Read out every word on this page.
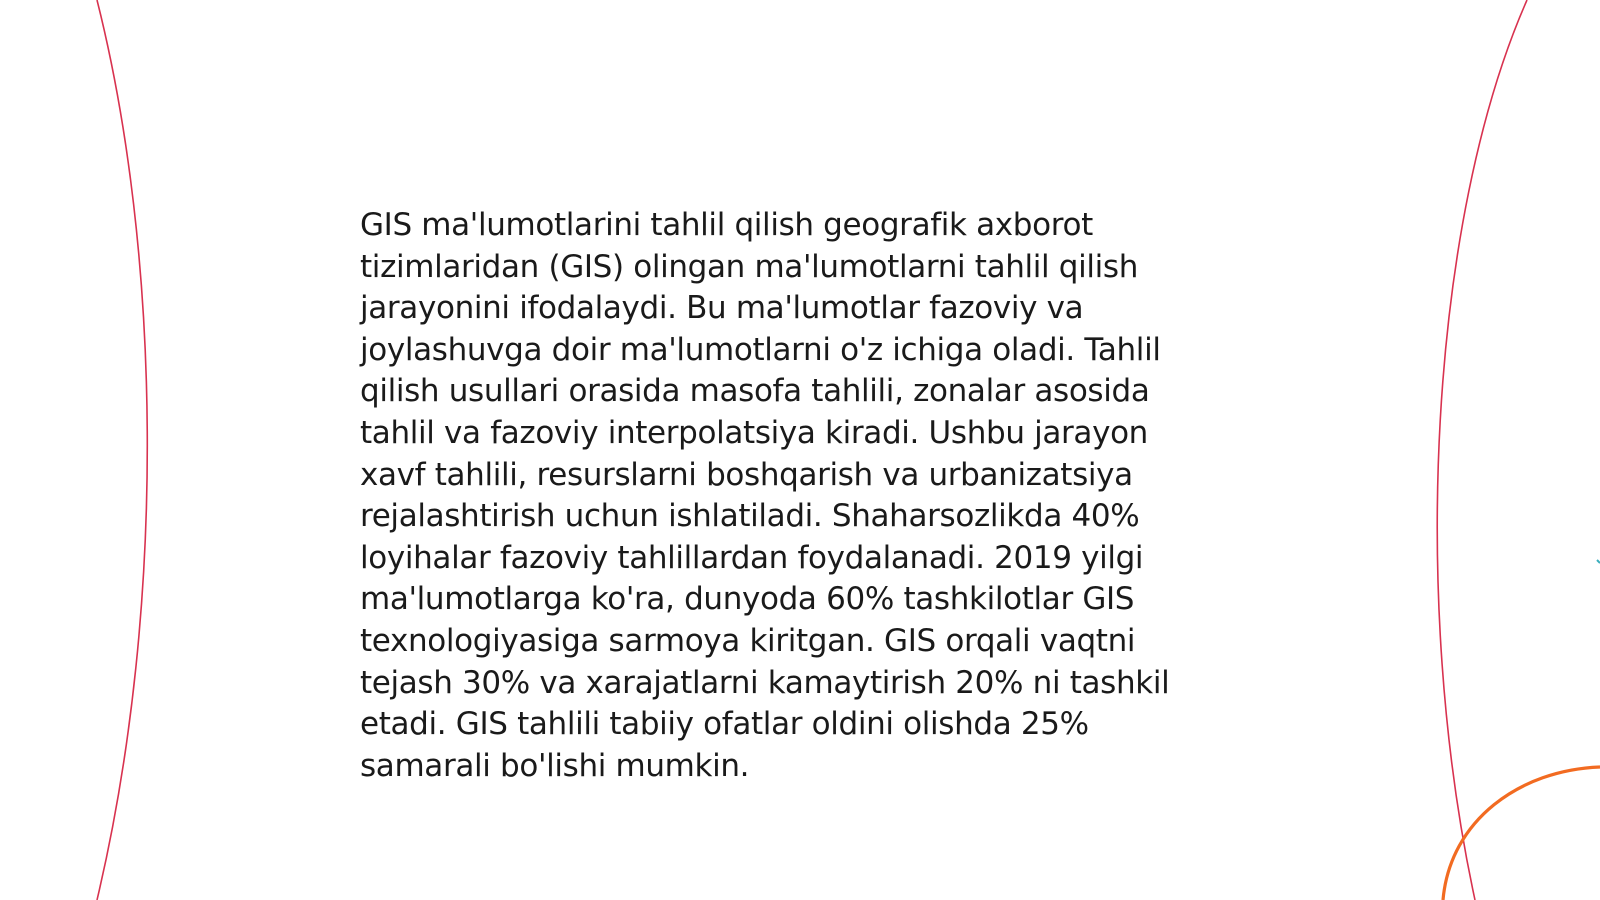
GIS ma'lumotlarini tahlil qilish geografik axborot
tizimlaridan (GIS) olingan ma'lumotlarni tahlil qilish
jarayonini ifodalaydi. Bu ma'lumotlar fazoviy va
joylashuvga doir ma'lumotlarni o'z ichiga oladi. Tahlil
qilish usullari orasida masofa tahlili, zonalar asosida
tahlil va fazoviy interpolatsiya kiradi. Ushbu jarayon
xavf tahlili, resurslarni boshqarish va urbanizatsiya
rejalashtirish uchun ishlatiladi. Shaharsozlikda 40%
loyihalar fazoviy tahlillardan foydalanadi. 2019 yilgi
ma'lumotlarga ko'ra, dunyoda 60% tashkilotlar GIS
texnologiyasiga sarmoya kiritgan. GIS orqali vaqtni
tejash 30% va xarajatlarni kamaytirish 20% ni tashkil
etadi. GIS tahlili tabiiy ofatlar oldini olishda 25%
samarali bo'lishi mumkin.
